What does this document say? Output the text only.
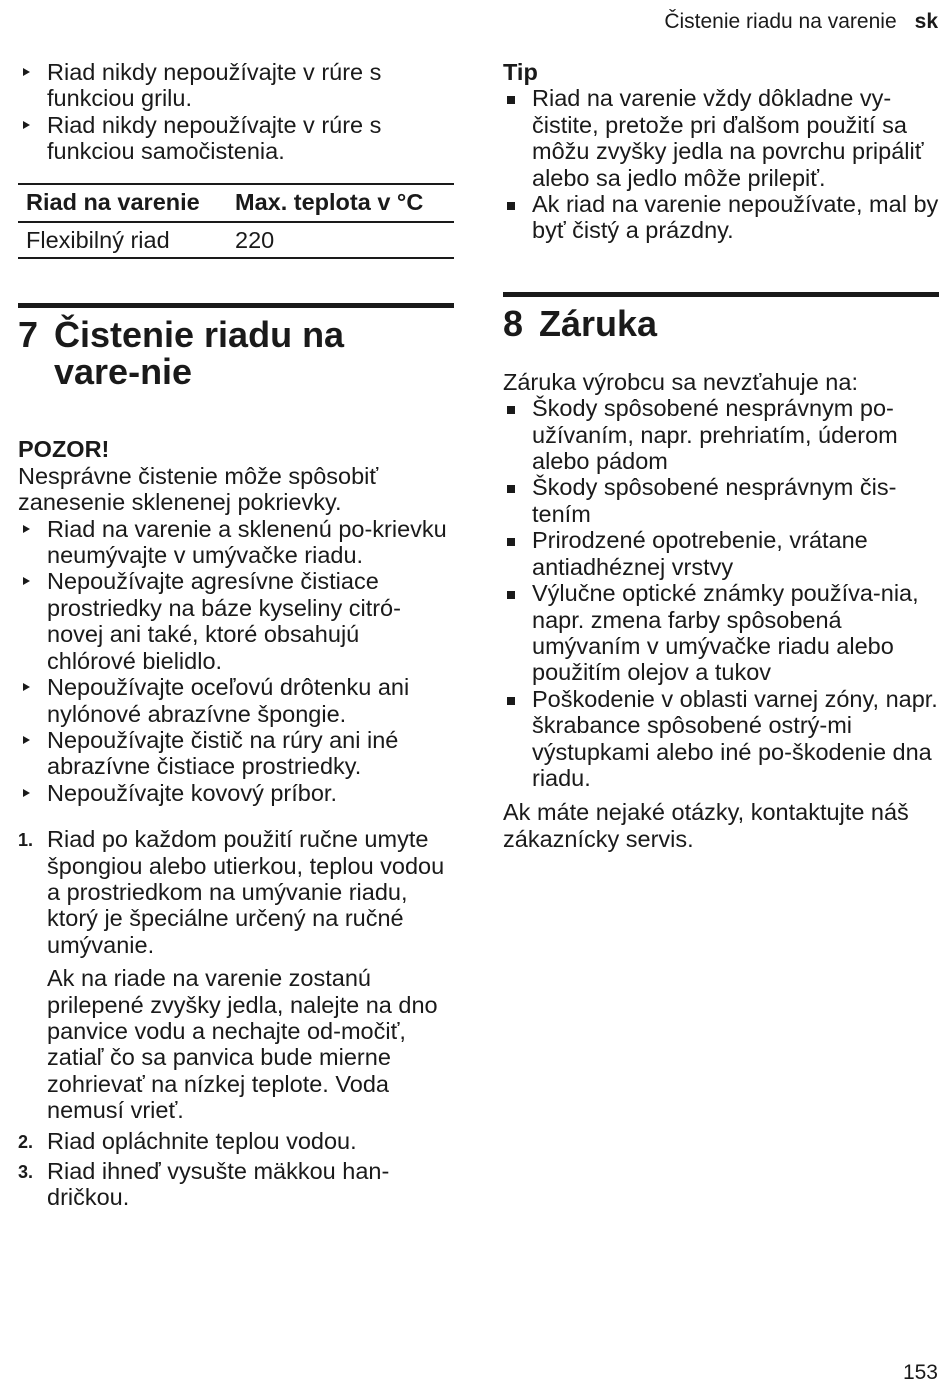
Čistenie riadu na varenie sk
Riad nikdy nepoužívajte v rúre s funkciou grilu.
Riad nikdy nepoužívajte v rúre s funkciou samočistenia.
Riad na varenie	Max. teplota v °C
Flexibilný riad	220
7 Čistenie riadu na vare-nie
POZOR!

Nesprávne čistenie môže spôsobiť zanesenie sklenenej pokrievky.

Riad na varenie a sklenenú po-krievku neumývajte v umývačke riadu.
Nepoužívajte agresívne čistiace prostriedky na báze kyseliny citró-novej ani také, ktoré obsahujú chlórové bielidlo.
Nepoužívajte oceľovú drôtenku ani nylónové abrazívne špongie.
Nepoužívajte čistič na rúry ani iné abrazívne čistiace prostriedky.
Nepoužívajte kovový príbor.
1. Riad po každom použití ručne umyte špongiou alebo utierkou, teplou vodou a prostriedkom na umývanie riadu, ktorý je špeciálne určený na ručné umývanie.
Ak na riade na varenie zostanú prilepené zvyšky jedla, nalejte na dno panvice vodu a nechajte od-močiť, zatiaľ čo sa panvica bude mierne zohrievať na nízkej teplote. Voda nemusí vrieť.
2. Riad opláchnite teplou vodou.
3. Riad ihneď vysušte mäkkou han-dričkou.
Tip
Riad na varenie vždy dôkladne vy-čistite, pretože pri ďalšom použití sa môžu zvyšky jedla na povrchu pripáliť alebo sa jedlo môže prilepiť.
Ak riad na varenie nepoužívate, mal by byť čistý a prázdny.
8 Záruka

Záruka výrobcu sa nevzťahuje na:

Škody spôsobené nesprávnym po-užívaním, napr. prehriatím, úderom alebo pádom
Škody spôsobené nesprávnym čis-tením
Prirodzené opotrebenie, vrátane antiadhéznej vrstvy
Výlučne optické známky používa-nia, napr. zmena farby spôsobená umývaním v umývačke riadu alebo použitím olejov a tukov
Poškodenie v oblasti varnej zóny, napr. škrabance spôsobené ostrý-mi výstupkami alebo iné po-škodenie dna riadu.

Ak máte nejaké otázky, kontaktujte náš zákaznícky servis.

153
